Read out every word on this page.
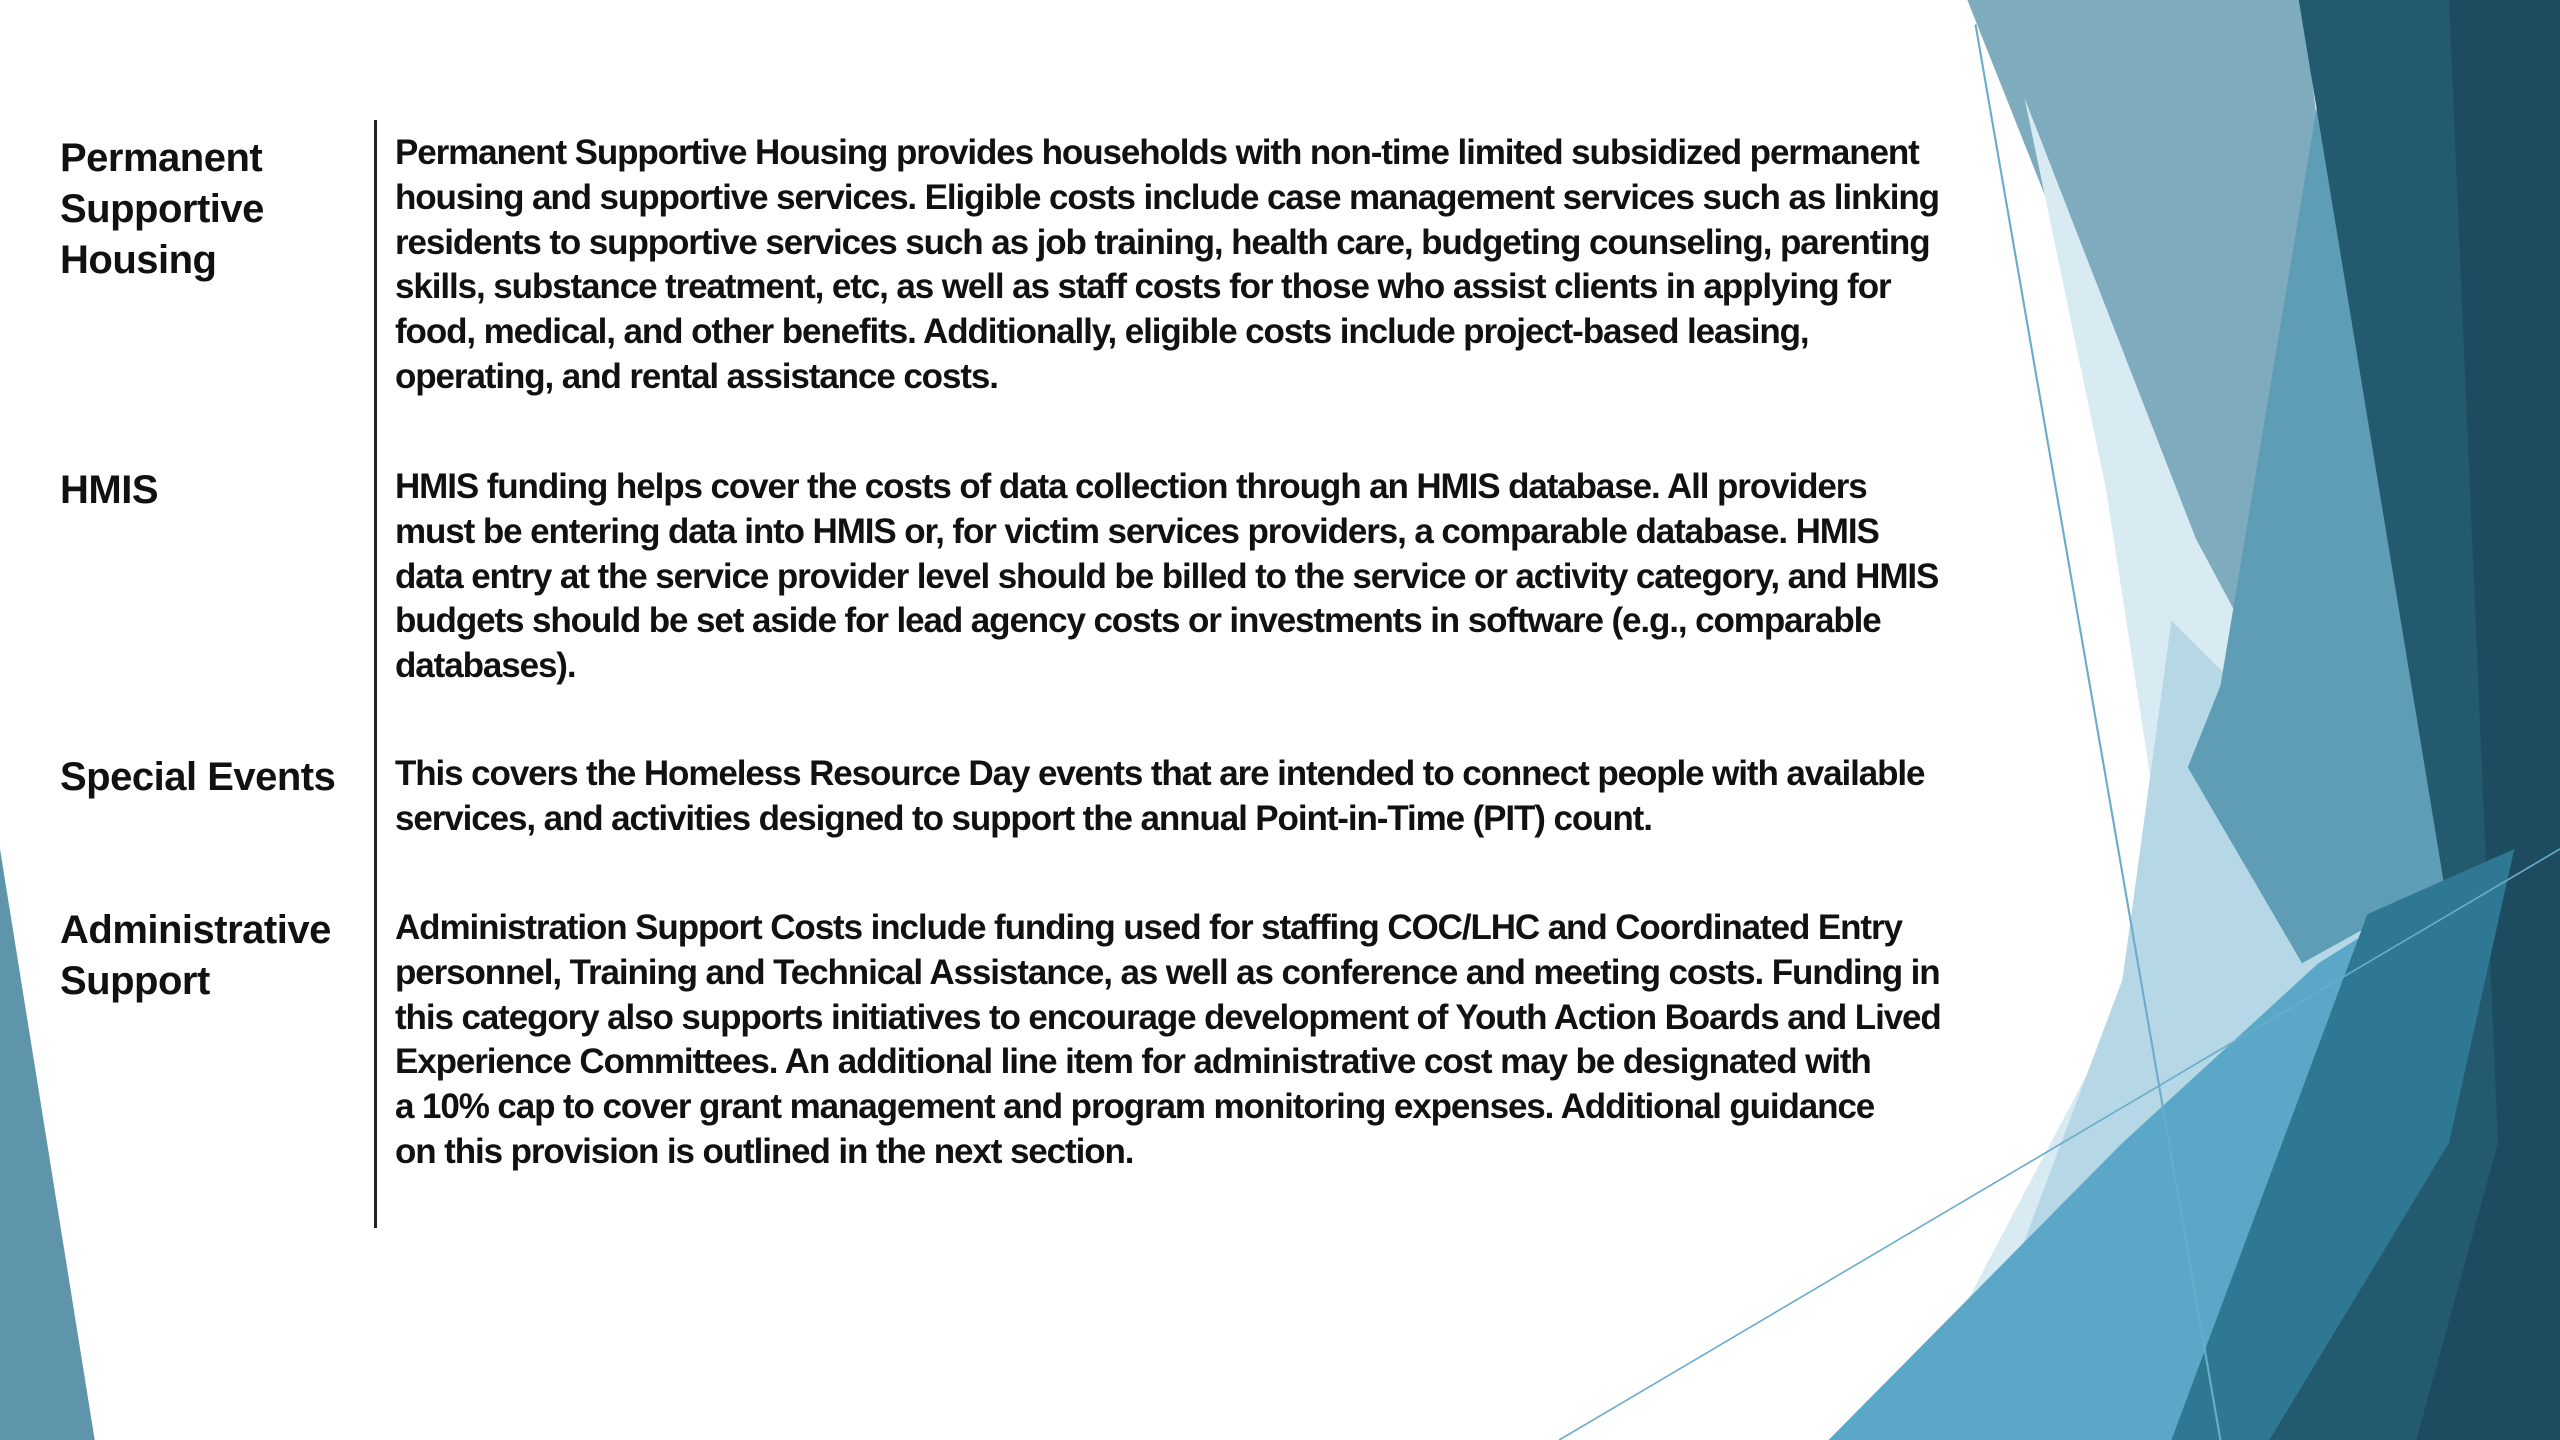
Permanent
Supportive
Housing
Permanent Supportive Housing provides households with non-time limited subsidized permanent
housing and supportive services. Eligible costs include case management services such as linking
residents to supportive services such as job training, health care, budgeting counseling, parenting
skills, substance treatment, etc, as well as staff costs for those who assist clients in applying for
food, medical, and other benefits. Additionally, eligible costs include project-based leasing,
operating, and rental assistance costs.
HMIS	HMIS funding helps cover the costs of data collection through an HMIS database. All providers
must be entering data into HMIS or, for victim services providers, a comparable database. HMIS
data entry at the service provider level should be billed to the service or activity category, and HMIS
budgets should be set aside for lead agency costs or investments in software (e.g., comparable
databases).
Special Events This covers the Homeless Resource Day events that are intended to connect people with available
services, and activities designed to support the annual Point-in-Time (PIT) count.
Administrative
Support
Administration Support Costs include funding used for staffing COC/LHC and Coordinated Entry
personnel, Training and Technical Assistance, as well as conference and meeting costs. Funding in
this category also supports initiatives to encourage development of Youth Action Boards and Lived
Experience Committees. An additional line item for administrative cost may be designated with
a 10% cap to cover grant management and program monitoring expenses. Additional guidance
on this provision is outlined in the next section.
